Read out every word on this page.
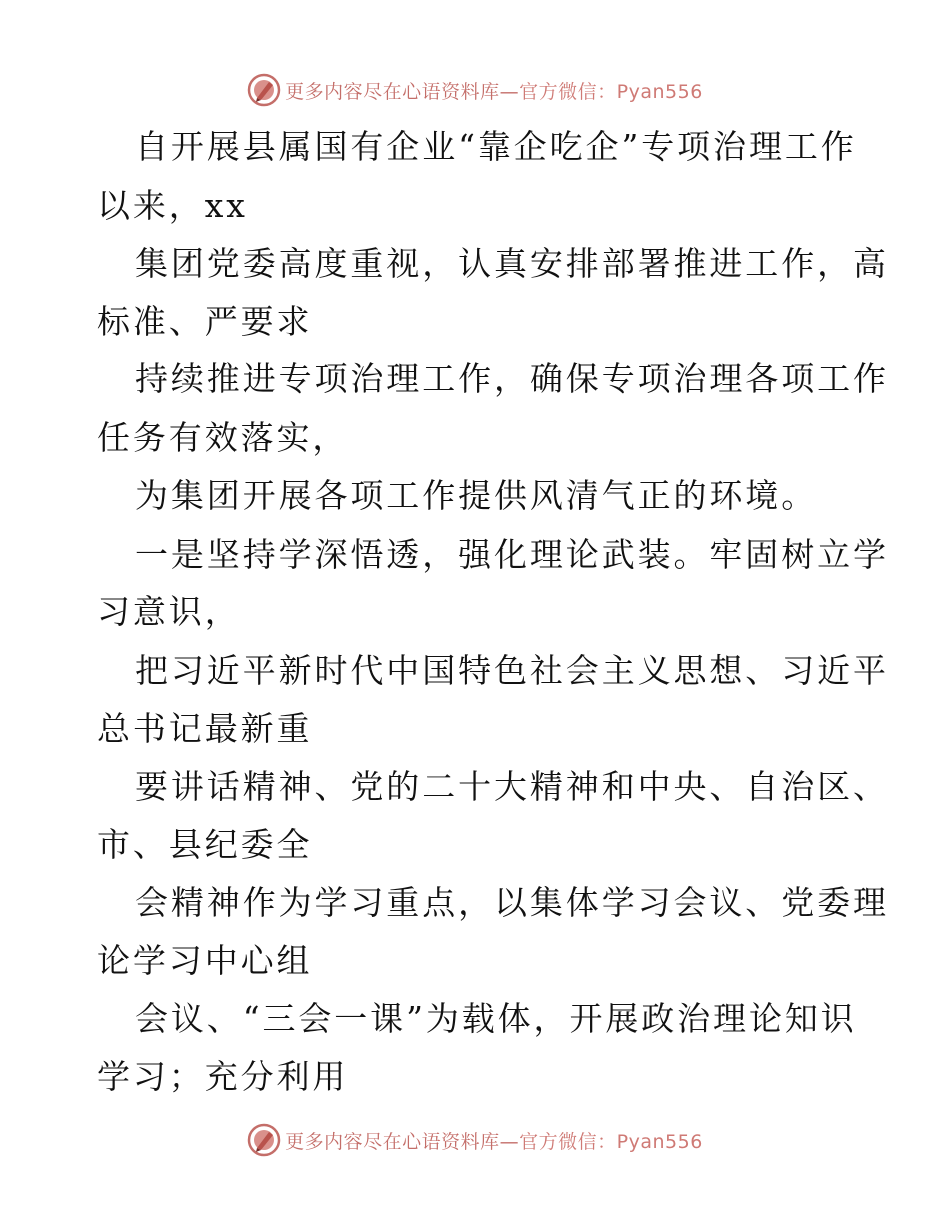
更多内容尽在心语资料库—官方微信：Pyan556
自开展县属国有企业“靠企吃企”专项治理工作
以来，xx
集团党委高度重视，认真安排部署推进工作，高
标准、严要求
持续推进专项治理工作，确保专项治理各项工作
任务有效落实，
为集团开展各项工作提供风清气正的环境。
一是坚持学深悟透，强化理论武装。牢固树立学
习意识，
把习近平新时代中国特色社会主义思想、习近平
总书记最新重
要讲话精神、党的二十大精神和中央、自治区、
市、县纪委全
会精神作为学习重点，以集体学习会议、党委理
论学习中心组
会议、“三会一课”为载体，开展政治理论知识
学习；充分利用
更多内容尽在心语资料库—官方微信：Pyan556
